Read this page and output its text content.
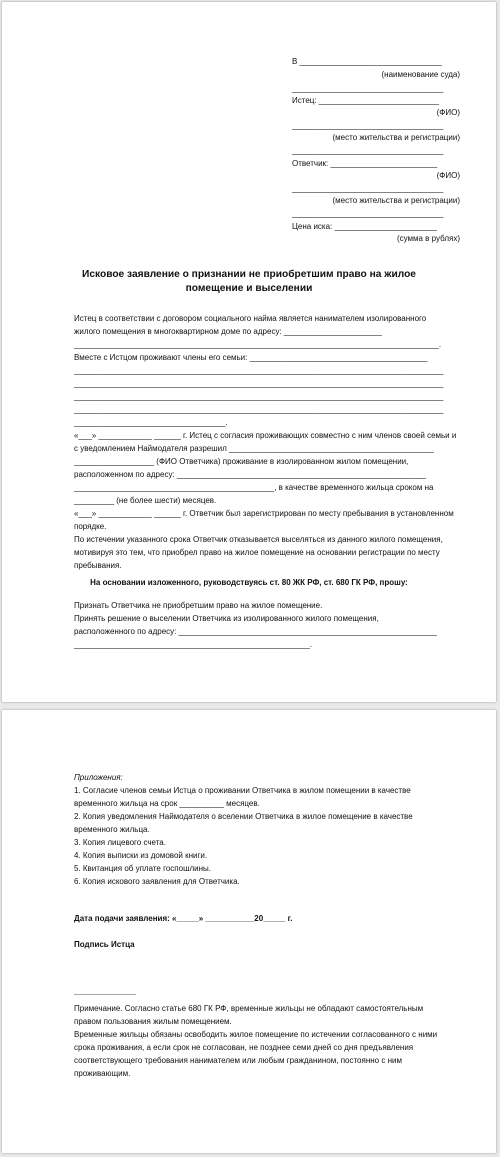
В ________________________________
(наименование суда)
__________________________________
Истец: ___________________________
(ФИО)
__________________________________
(место жительства и регистрации)
__________________________________
Ответчик: ________________________
(ФИО)
__________________________________
(место жительства и регистрации)
__________________________________
Цена иска: _______________________
(сумма в рублях)
Исковое заявление о признании не приобретшим право на жилое
помещение и выселении
Истец в соответствии с договором социального найма является нанимателем изолированного
жилого помещения в многоквартирном доме по адресу: ______________________
__________________________________________________________________________________.
Вместе с Истцом проживают члены его семьи: ________________________________________
___________________________________________________________________________________
___________________________________________________________________________________
___________________________________________________________________________________
___________________________________________________________________________________
__________________________________.
«___» ____________ ______ г. Истец с согласия проживающих совместно с ним членов своей семьи и
с уведомлением Наймодателя разрешил ______________________________________________
__________________ (ФИО Ответчика) проживание в изолированном жилом помещении,
расположенном по адресу: ________________________________________________________
_____________________________________________, в качестве временного жильца сроком на
_________ (не более шести) месяцев.
«___» ____________ ______ г. Ответчик был зарегистрирован по месту пребывания в установленном
порядке.
По истечении указанного срока Ответчик отказывается выселяться из данного жилого помещения,
мотивируя это тем, что приобрел право на жилое помещение на основании регистрации по месту
пребывания.
На основании изложенного, руководствуясь ст. 80 ЖК РФ, ст. 680 ГК РФ, прошу:
Признать Ответчика не приобретшим право на жилое помещение.
Принять решение о выселении Ответчика из изолированного жилого помещения,
расположенного по адресу: __________________________________________________________
_____________________________________________________.
Приложения:
1. Согласие членов семьи Истца о проживании Ответчика в жилом помещении в качестве
временного жильца на срок __________ месяцев.
2. Копия уведомления Наймодателя о вселении Ответчика в жилое помещение в качестве
временного жильца.
3. Копия лицевого счета.
4. Копия выписки из домовой книги.
5. Квитанция об уплате госпошлины.
6. Копия искового заявления для Ответчика.
Дата подачи заявления: «_____» ___________20_____ г.
Подпись Истца
-------------------------------
Примечание. Согласно статье 680 ГК РФ, временные жильцы не обладают самостоятельным
правом пользования жилым помещением.
Временные жильцы обязаны освободить жилое помещение по истечении согласованного с ними
срока проживания, а если срок не согласован, не позднее семи дней со дня предъявления
соответствующего требования нанимателем или любым гражданином, постоянно с ним
проживающим.
